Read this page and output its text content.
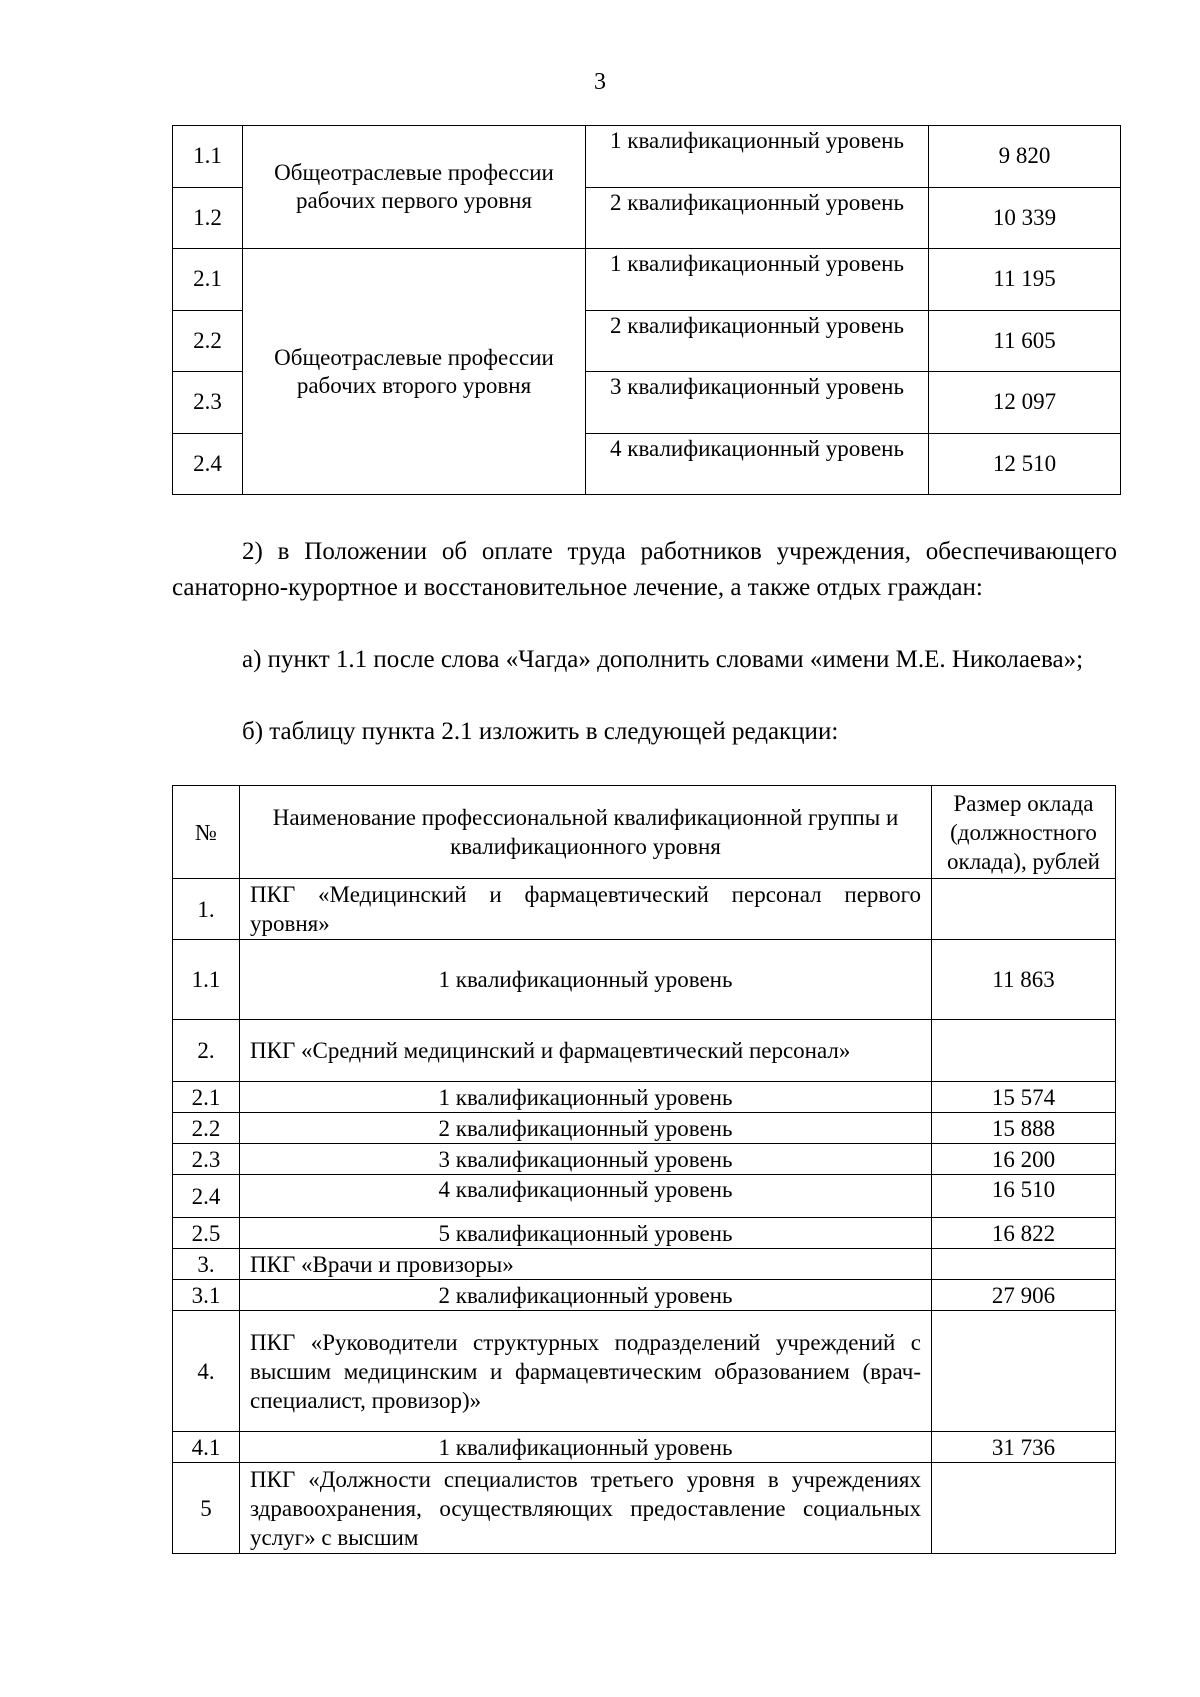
3
1.1	Общеотраслевые профессии рабочих первого уровня	1 квалификационный уровень	9 820
1.2		2 квалификационный уровень	10 339
2.1	Общеотраслевые профессии рабочих второго уровня	1 квалификационный уровень	11 195
2.2		2 квалификационный уровень	11 605
2.3		3 квалификационный уровень	12 097
2.4		4 квалификационный уровень	12 510
2) в Положении об оплате труда работников учреждения, обеспечивающего санаторно-курортное и восстановительное лечение, а также отдых граждан:
а) пункт 1.1 после слова «Чагда» дополнить словами «имени М.Е. Николаева»;
б) таблицу пункта 2.1 изложить в следующей редакции:
№	Наименование профессиональной квалификационной группы и квалификационного уровня	Размер оклада (должностного оклада), рублей
1.	ПКГ «Медицинский и фармацевтический персонал первого уровня»	
1.1	1 квалификационный уровень	11 863
2.	ПКГ «Средний медицинский и фармацевтический персонал»	
2.1	1 квалификационный уровень	15 574
2.2	2 квалификационный уровень	15 888
2.3	3 квалификационный уровень	16 200
2.4	4 квалификационный уровень	16 510
2.5	5 квалификационный уровень	16 822
3.	ПКГ «Врачи и провизоры»	
3.1	2 квалификационный уровень	27 906
4.	ПКГ «Руководители структурных подразделений учреждений с высшим медицинским и фармацевтическим образованием (врач-специалист, провизор)»	
4.1	1 квалификационный уровень	31 736
5	ПКГ «Должности специалистов третьего уровня в учреждениях здравоохранения, осуществляющих предоставление социальных услуг» с высшим	
